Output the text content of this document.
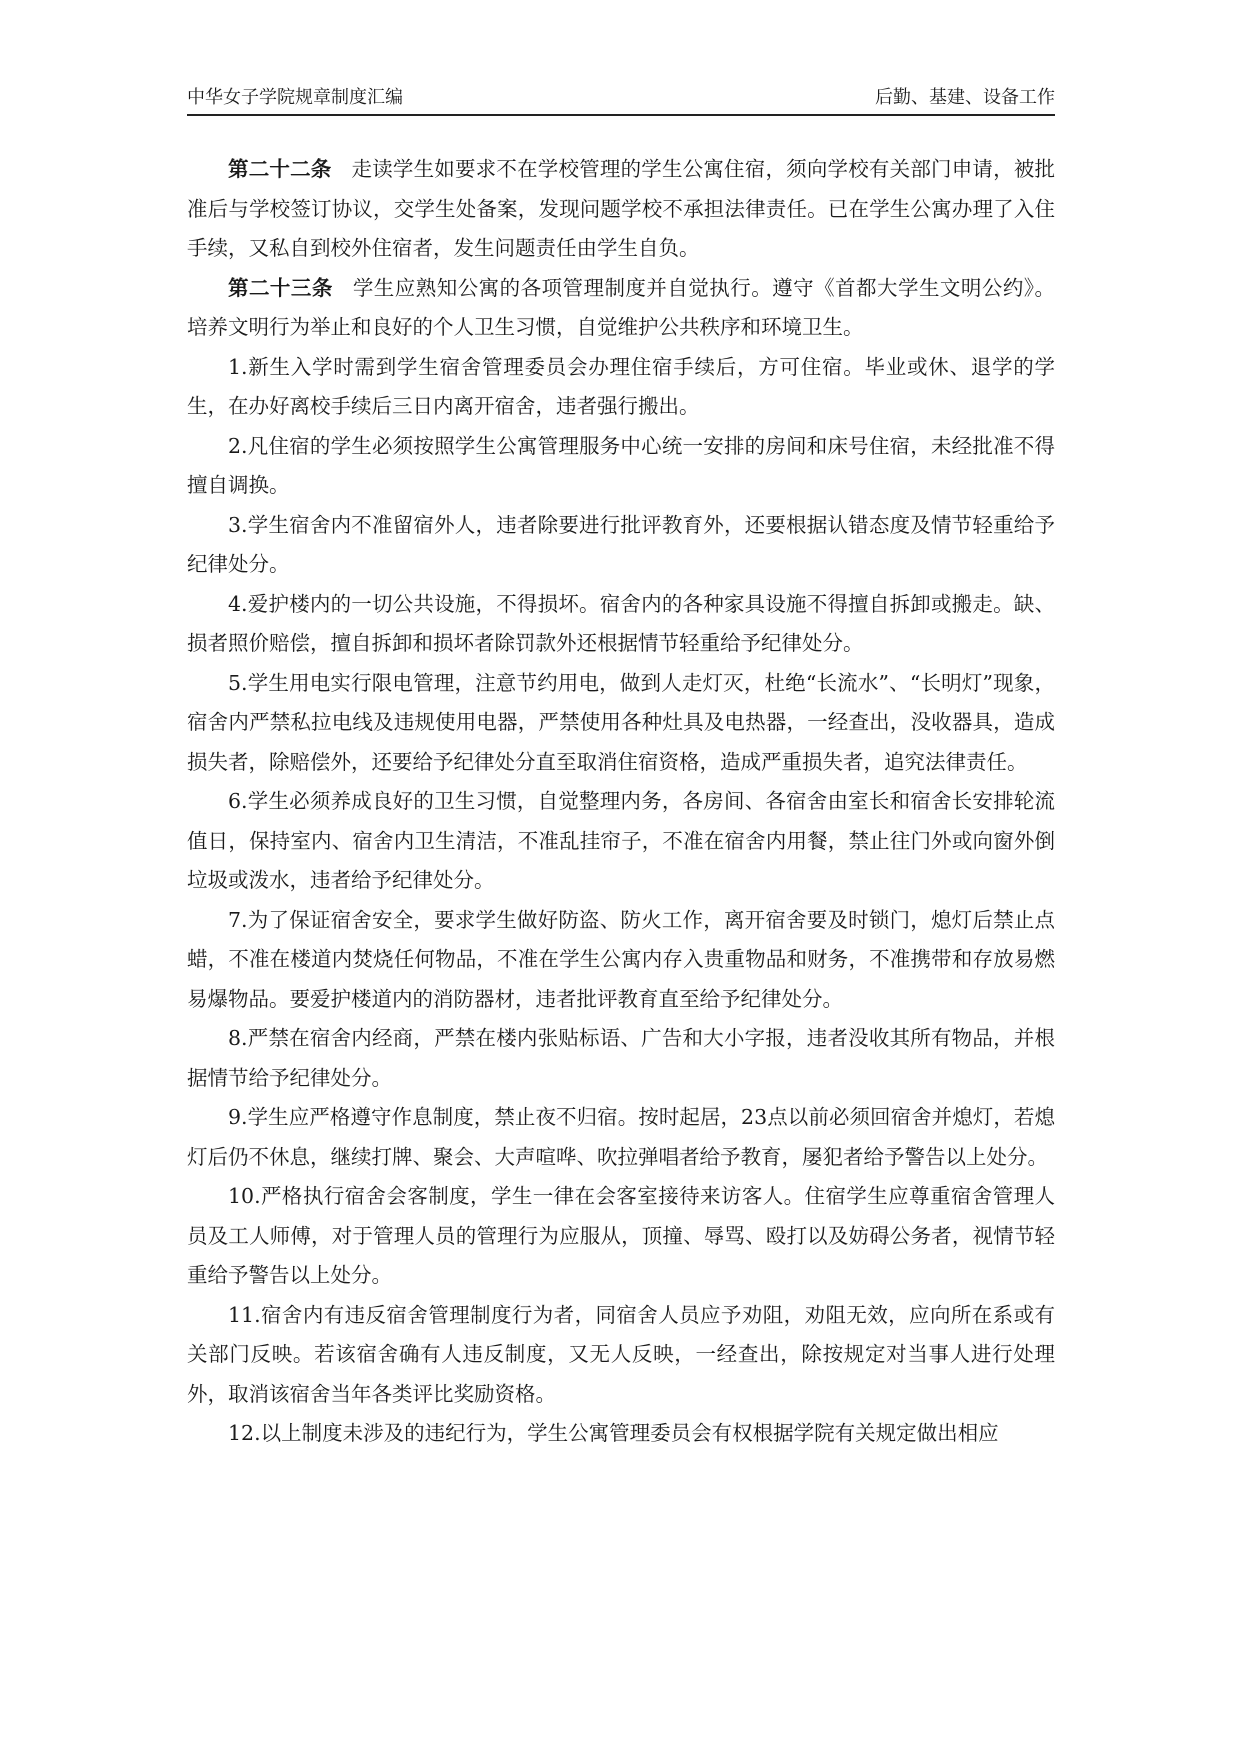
中华女子学院规章制度汇编	后勤、基建、设备工作

第二十二条 走读学生如要求不在学校管理的学生公寓住宿，须向学校有关部门申请，被批准后与学校签订协议，交学生处备案，发现问题学校不承担法律责任。已在学生公寓办理了入住手续，又私自到校外住宿者，发生问题责任由学生自负。

第二十三条 学生应熟知公寓的各项管理制度并自觉执行。遵守《首都大学生文明公约》。培养文明行为举止和良好的个人卫生习惯，自觉维护公共秩序和环境卫生。

1.新生入学时需到学生宿舍管理委员会办理住宿手续后，方可住宿。毕业或休、退学的学生，在办好离校手续后三日内离开宿舍，违者强行搬出。

2.凡住宿的学生必须按照学生公寓管理服务中心统一安排的房间和床号住宿，未经批准不得擅自调换。

3.学生宿舍内不准留宿外人，违者除要进行批评教育外，还要根据认错态度及情节轻重给予纪律处分。

4.爱护楼内的一切公共设施，不得损坏。宿舍内的各种家具设施不得擅自拆卸或搬走。缺、损者照价赔偿，擅自拆卸和损坏者除罚款外还根据情节轻重给予纪律处分。

5.学生用电实行限电管理，注意节约用电，做到人走灯灭，杜绝“长流水”、“长明灯”现象，宿舍内严禁私拉电线及违规使用电器，严禁使用各种灶具及电热器，一经查出，没收器具，造成损失者，除赔偿外，还要给予纪律处分直至取消住宿资格，造成严重损失者，追究法律责任。

6.学生必须养成良好的卫生习惯，自觉整理内务，各房间、各宿舍由室长和宿舍长安排轮流值日，保持室内、宿舍内卫生清洁，不准乱挂帘子，不准在宿舍内用餐，禁止往门外或向窗外倒垃圾或泼水，违者给予纪律处分。

7.为了保证宿舍安全，要求学生做好防盗、防火工作，离开宿舍要及时锁门，熄灯后禁止点蜡，不准在楼道内焚烧任何物品，不准在学生公寓内存入贵重物品和财务，不准携带和存放易燃易爆物品。要爱护楼道内的消防器材，违者批评教育直至给予纪律处分。

8.严禁在宿舍内经商，严禁在楼内张贴标语、广告和大小字报，违者没收其所有物品，并根据情节给予纪律处分。

9.学生应严格遵守作息制度，禁止夜不归宿。按时起居，23点以前必须回宿舍并熄灯，若熄灯后仍不休息，继续打牌、聚会、大声喧哗、吹拉弹唱者给予教育，屡犯者给予警告以上处分。

10.严格执行宿舍会客制度，学生一律在会客室接待来访客人。住宿学生应尊重宿舍管理人员及工人师傅，对于管理人员的管理行为应服从，顶撞、辱骂、殴打以及妨碍公务者，视情节轻重给予警告以上处分。

11.宿舍内有违反宿舍管理制度行为者，同宿舍人员应予劝阻，劝阻无效，应向所在系或有关部门反映。若该宿舍确有人违反制度，又无人反映，一经查出，除按规定对当事人进行处理外，取消该宿舍当年各类评比奖励资格。

12.以上制度未涉及的违纪行为，学生公寓管理委员会有权根据学院有关规定做出相应
